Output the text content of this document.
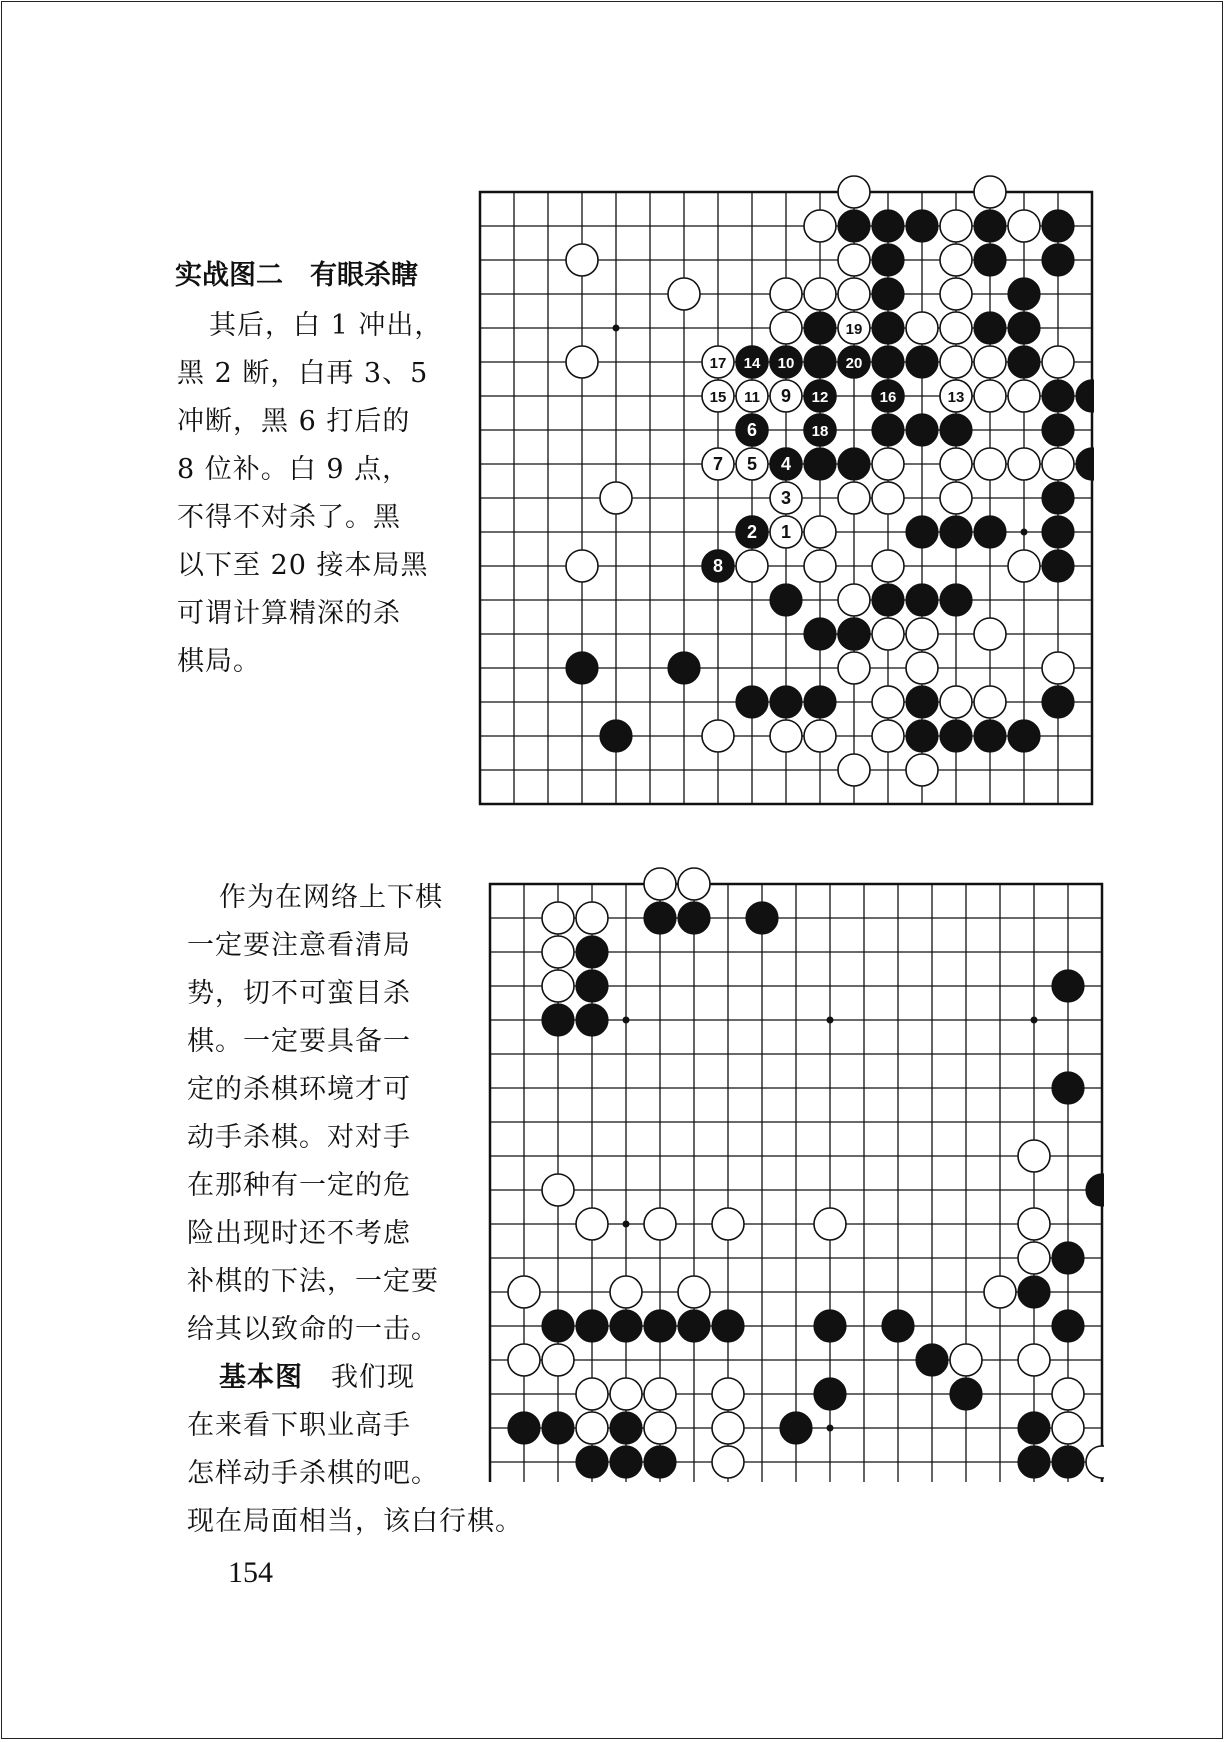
1
2
3
4
5
6
7
8
9
10
11	12	13
14
15	16
17
18
19
20
实战图二　有眼杀瞎
其后，白 1 冲出，
黑 2 断，白再 3、5
冲断，黑 6 打后的
8 位补。白 9 点，
不得不对杀了。黑
以下至 20 接本局黑
可谓计算精深的杀
棋局。
作为在网络上下棋
一定要注意看清局
势，切不可蛮目杀
棋。一定要具备一
定的杀棋环境才可
动手杀棋。对对手
在那种有一定的危
险出现时还不考虑
补棋的下法，一定要
给其以致命的一击。
基本图　我们现
在来看下职业高手
怎样动手杀棋的吧。
现在局面相当，该白行棋。
154
